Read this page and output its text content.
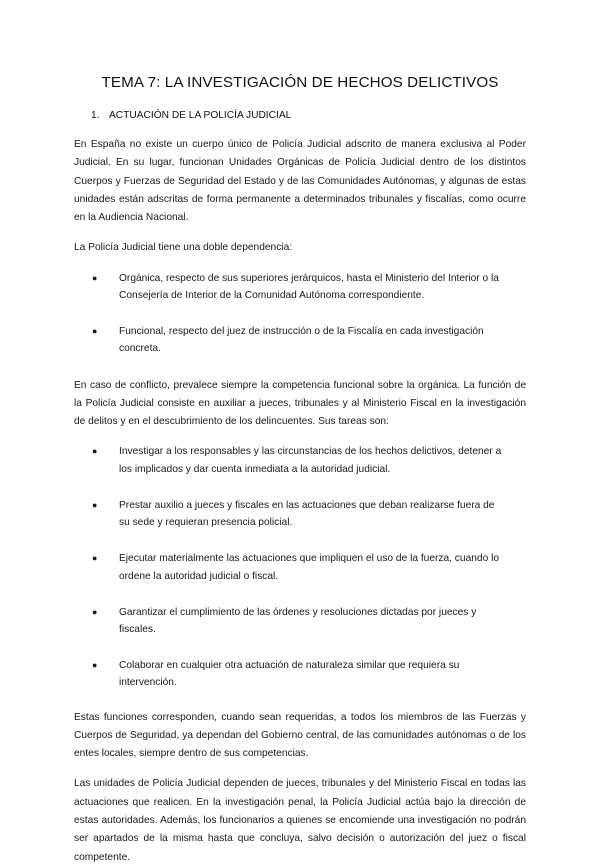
TEMA 7: LA INVESTIGACIÓN DE HECHOS DELICTIVOS
1. ACTUACIÓN DE LA POLICÍA JUDICIAL

En España no existe un cuerpo único de Policía Judicial adscrito de manera exclusiva al Poder Judicial. En su lugar, funcionan Unidades Orgánicas de Policía Judicial dentro de los distintos Cuerpos y Fuerzas de Seguridad del Estado y de las Comunidades Autónomas, y algunas de estas unidades están adscritas de forma permanente a determinados tribunales y fiscalías, como ocurre en la Audiencia Nacional.

La Policía Judicial tiene una doble dependencia:

●	Orgánica, respecto de sus superiores jerárquicos, hasta el Ministerio del Interior o la Consejería de Interior de la Comunidad Autónoma correspondiente.
●	Funcional, respecto del juez de instrucción o de la Fiscalía en cada investigación concreta.

En caso de conflicto, prevalece siempre la competencia funcional sobre la orgánica. La función de la Policía Judicial consiste en auxiliar a jueces, tribunales y al Ministerio Fiscal en la investigación de delitos y en el descubrimiento de los delincuentes. Sus tareas son:

●	Investigar a los responsables y las circunstancias de los hechos delictivos, detener a los implicados y dar cuenta inmediata a la autoridad judicial.
●	Prestar auxilio a jueces y fiscales en las actuaciones que deban realizarse fuera de su sede y requieran presencia policial.
●	Ejecutar materialmente las actuaciones que impliquen el uso de la fuerza, cuando lo ordene la autoridad judicial o fiscal.
●	Garantizar el cumplimiento de las órdenes y resoluciones dictadas por jueces y fiscales.
●	Colaborar en cualquier otra actuación de naturaleza similar que requiera su intervención.

Estas funciones corresponden, cuando sean requeridas, a todos los miembros de las Fuerzas y Cuerpos de Seguridad, ya dependan del Gobierno central, de las comunidades autónomas o de los entes locales, siempre dentro de sus competencias.

Las unidades de Policía Judicial dependen de jueces, tribunales y del Ministerio Fiscal en todas las actuaciones que realicen. En la investigación penal, la Policía Judicial actúa bajo la dirección de estas autoridades. Además, los funcionarios a quienes se encomiende una investigación no podrán ser apartados de la misma hasta que concluya, salvo decisión o autorización del juez o fiscal competente.
